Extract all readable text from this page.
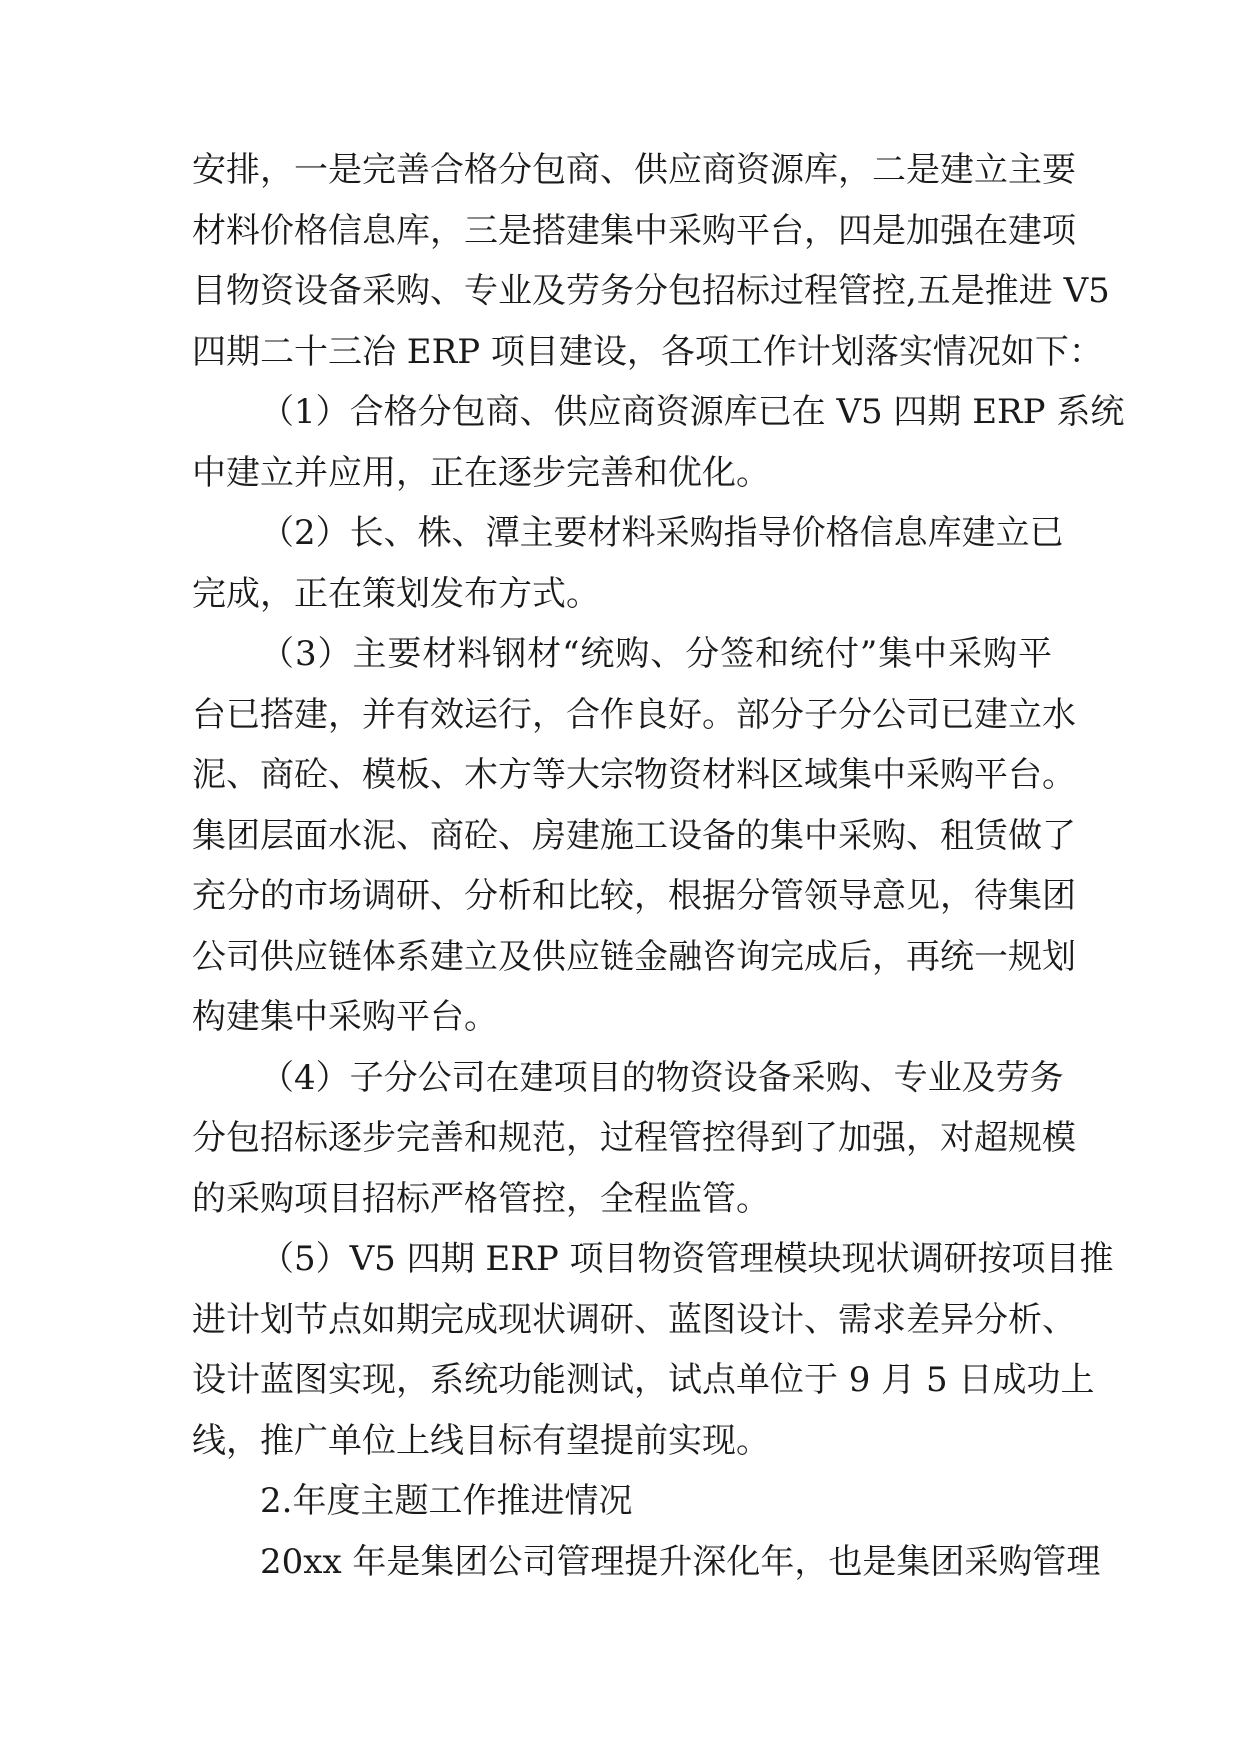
安排，一是完善合格分包商、供应商资源库，二是建立主要
材料价格信息库，三是搭建集中采购平台，四是加强在建项
目物资设备采购、专业及劳务分包招标过程管控,五是推进 V5
四期二十三冶 ERP 项目建设，各项工作计划落实情况如下：

（1）合格分包商、供应商资源库已在 V5 四期 ERP 系统
中建立并应用，正在逐步完善和优化。

（2）长、株、潭主要材料采购指导价格信息库建立已
完成，正在策划发布方式。

（3）主要材料钢材“统购、分签和统付”集中采购平
台已搭建，并有效运行，合作良好。部分子分公司已建立水
泥、商砼、模板、木方等大宗物资材料区域集中采购平台。
集团层面水泥、商砼、房建施工设备的集中采购、租赁做了
充分的市场调研、分析和比较，根据分管领导意见，待集团
公司供应链体系建立及供应链金融咨询完成后，再统一规划
构建集中采购平台。

（4）子分公司在建项目的物资设备采购、专业及劳务
分包招标逐步完善和规范，过程管控得到了加强，对超规模
的采购项目招标严格管控，全程监管。

（5）V5 四期 ERP 项目物资管理模块现状调研按项目推
进计划节点如期完成现状调研、蓝图设计、需求差异分析、
设计蓝图实现，系统功能测试，试点单位于 9 月 5 日成功上
线，推广单位上线目标有望提前实现。

2.年度主题工作推进情况

20xx 年是集团公司管理提升深化年，也是集团采购管理
